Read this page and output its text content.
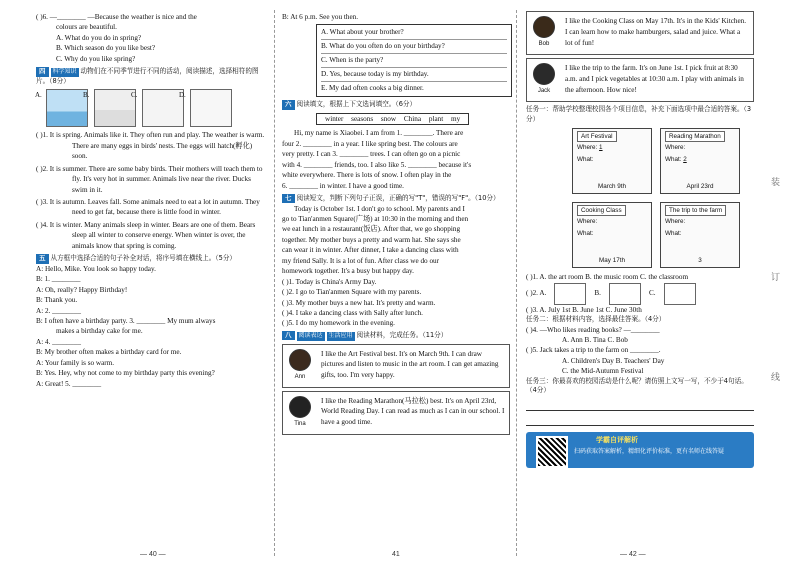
( )6. —________ —Because the weather is nice and the
colours are beautiful.
A. What do you do in spring?
B. Which season do you like best?
C. Why do you like spring?
四 科学知识 动物们在不同季节进行不同的活动，阅读描述，选择相符的图片。（8分）
A.	B.	C.	D.
( )1. It is spring. Animals like it. They often run and play. The weather is warm. There are many eggs in birds' nests. The eggs will hatch(孵化) soon.
( )2. It is summer. There are some baby birds. Their mothers will teach them to fly. It's very hot in summer. Animals live near the river. Ducks swim in it.
( )3. It is autumn. Leaves fall. Some animals need to eat a lot in autumn. They need to get fat, because there is little food in winter.
( )4. It is winter. Many animals sleep in winter. Bears are one of them. Bears sleep all winter to conserve energy. When winter is over, the animals know that spring is coming.
五 从方框中选择合适的句子补全对话，将序号填在横线上。（5分）
A: Hello, Mike. You look so happy today.
B: 1. ________
A: Oh, really? Happy Birthday!
B: Thank you.
A: 2. ________
B: I often have a birthday party. 3. ________ My mum always
makes a birthday cake for me.
A: 4. ________
B: My brother often makes a birthday card for me.
A: Your family is so warm.
B: Yes. Hey, why not come to my birthday party this evening?
A: Great! 5. ________
— 40 —
B: At 6 p.m. See you then.
A. What about your brother?
B. What do you often do on your birthday?
C. When is the party?
D. Yes, because today is my birthday.
E. My dad often cooks a big dinner.
六 阅读填文，根据上下文选词填空。（6分）
winter seasons snow China plant my
Hi, my name is Xiaobei. I am from 1. ________. There are
four 2. ________ in a year. I like spring best. The colours are
very pretty. I can 3. ________ trees. I can often go on a picnic
with 4. ________ friends, too. I also like 5. ________ because it's
white everywhere. There is lots of snow. I often play in the
6. ________ in winter. I have a good time.
七 阅读短文，判断下列句子正误，正确的写"T"，错误的写"F"。（10分）
Today is October 1st. I don't go to school. My parents and I
go to Tian'anmen Square(广场) at 10:30 in the morning and then
we eat lunch in a restaurant(饭店). After that, we go shopping
together. My mother buys a pretty and warm hat. She says she
can wear it in winter. After dinner, I take a dancing class with
my friend Sally. It is a lot of fun. After class we do our
homework together. It's a busy but happy day.
( )1. Today is China's Army Day.
( )2. I go to Tian'anmen Square with my parents.
( )3. My mother buys a new hat. It's pretty and warm.
( )4. I take a dancing class with Sally after lunch.
( )5. I do my homework in the evening.
八 阅读表达 生活应用 阅读材料，完成任务。（11分）
Ann
I like the Art Festival best. It's on March 9th. I can draw pictures and listen to music in the art room. I can get amazing gifts, too. I'm very happy.
Tina
I like the Reading Marathon(马拉松) best. It's on April 23rd, World Reading Day. I can read as much as I can in our school. I have a good time.
41
Bob
I like the Cooking Class on May 17th. It's in the Kids' Kitchen. I can learn how to make hamburgers, salad and juice. What a lot of fun!
Jack
I like the trip to the farm. It's on June 1st. I pick fruit at 8:30 a.m. and I pick vegetables at 10:30 a.m. I play with animals in the afternoon. How nice!
任务一：帮助学校整理校园各个项目信息，补充下面选项中最合适的答案。（3分）
Art Festival
Where: 1
What:
March 9th
Reading Marathon
Where:
What: 2
April 23rd
Cooking Class
Where:
What:
May 17th
The trip to the farm
Where:
What:
3
( )1. A. the art room B. the music room C. the classroom
( )2. A.	B.	C.
( )3. A. July 1st B. June 1st C. June 30th
任务二：根据材料内容，选择最佳答案。（4分）
( )4. —Who likes reading books? —________
A. Ann B. Tina C. Bob
( )5. Jack takes a trip to the farm on ________.
A. Children's Day B. Teachers' Day
C. the Mid-Autumn Festival
任务三：你最喜欢的校园活动是什么呢？请仿照上文写一写，不少于4句话。（4分）
学霸自评解析
扫码获取答案解析，精细化评价标准，更有名师在线答疑
— 42 —
装
订
线
